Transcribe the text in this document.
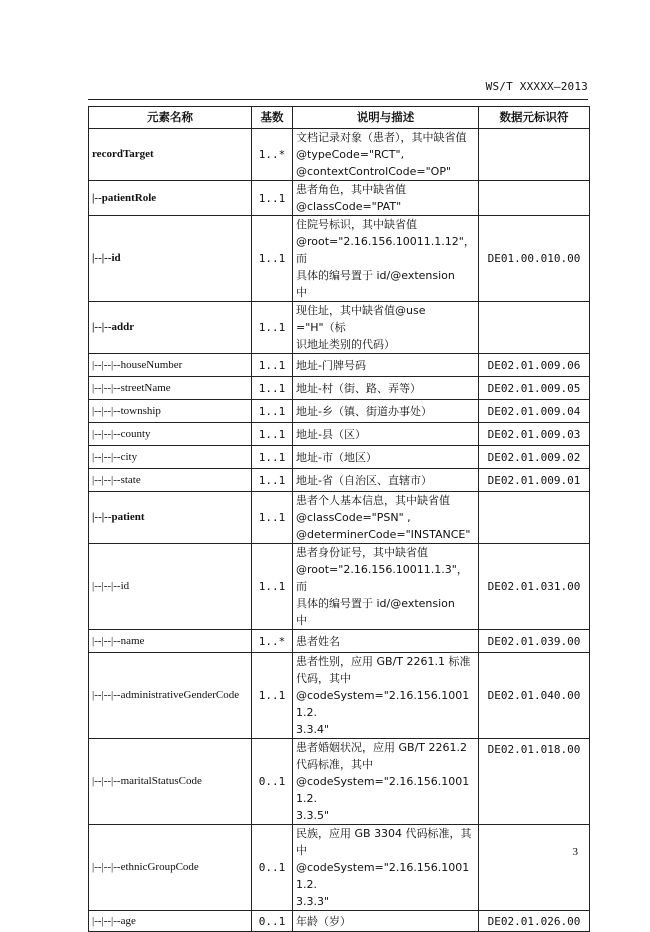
WS/T XXXXX—2013
元素名称	基数	说明与描述	数据元标识符
recordTarget	1..*	文档记录对象（患者），其中缺省值
@typeCode="RCT",
@contextControlCode="OP"	

|--patientRole	1..1	患者角色，其中缺省值
@classCode="PAT"	

|--|--id	1..1	住院号标识，其中缺省值
@root="2.16.156.10011.1.12"，而
具体的编号置于 id/@extension
中	DE01.00.010.00
|--|--addr	1..1	现住址，其中缺省值@use="H"（标
识地址类别的代码）	

|--|--|--houseNumber	1..1	地址-门牌号码	DE02.01.009.06
|--|--|--streetName	1..1	地址-村（街、路、弄等）	DE02.01.009.05
|--|--|--township	1..1	地址-乡（镇、街道办事处）	DE02.01.009.04
|--|--|--county	1..1	地址-县（区）	DE02.01.009.03
|--|--|--city	1..1	地址-市（地区）	DE02.01.009.02
|--|--|--state	1..1	地址-省（自治区、直辖市）	DE02.01.009.01
|--|--patient	1..1	患者个人基本信息，其中缺省值
@classCode="PSN" ,
@determinerCode="INSTANCE"	

|--|--|--id	1..1	患者身份证号，其中缺省值
@root="2.16.156.10011.1.3"，而
具体的编号置于 id/@extension
中	DE02.01.031.00
|--|--|--name	1..*	患者姓名	DE02.01.039.00
|--|--|--administrativeGenderCode	1..1	患者性别，应用 GB/T 2261.1 标准
代码，其中
@codeSystem="2.16.156.10011.2.
3.3.4"	DE02.01.040.00
|--|--|--maritalStatusCode	0..1	患者婚姻状况，应用 GB/T 2261.2
代码标准，其中
@codeSystem="2.16.156.10011.2.
3.3.5"	DE02.01.018.00
|--|--|--ethnicGroupCode	0..1	民族，应用 GB 3304 代码标准，其
中
@codeSystem="2.16.156.10011.2.
3.3.3"	

|--|--|--age	0..1	年龄（岁）	DE02.01.026.00
3
